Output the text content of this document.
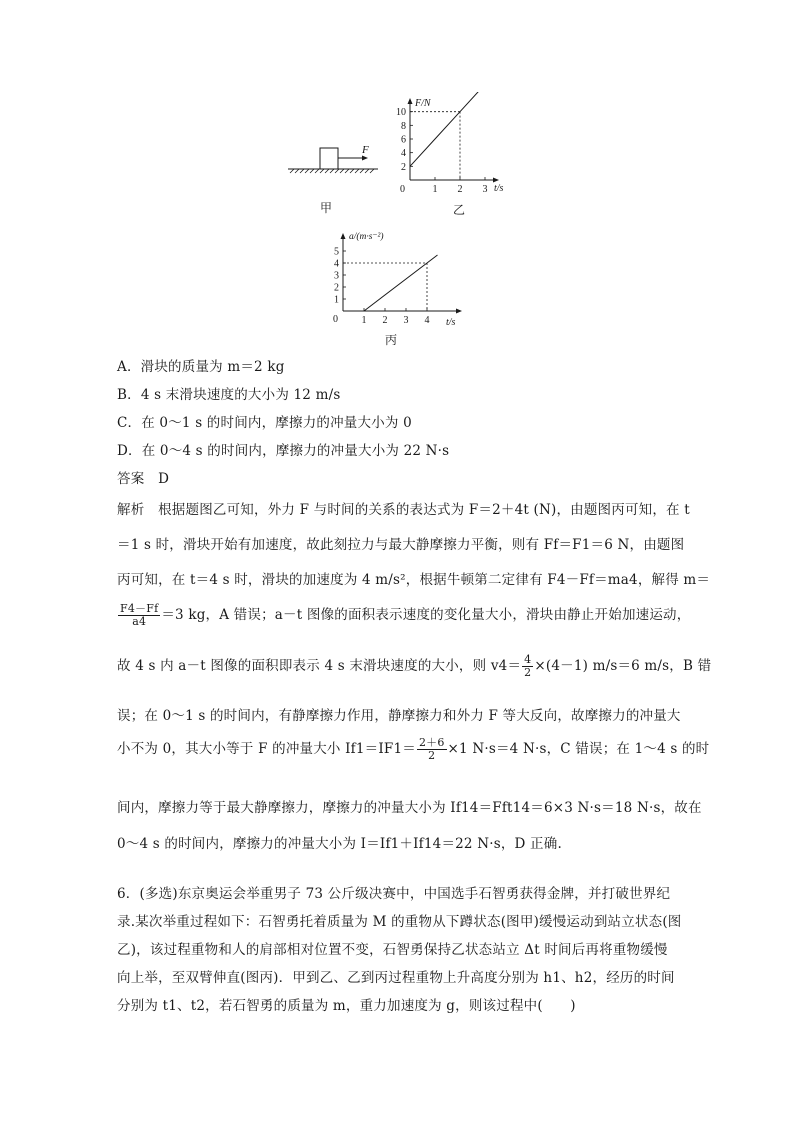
F
甲
F/N
t/s
0
乙
2
4
6
8
10
1 2 3
a/(m·s⁻²)
t/s
0
丙
1
2
3
4
5
1 2 3 4
A．滑块的质量为 m＝2 kg
B．4 s 末滑块速度的大小为 12 m/s
C．在 0～1 s 的时间内，摩擦力的冲量大小为 0
D．在 0～4 s 的时间内，摩擦力的冲量大小为 22 N·s
答案　D
解析　根据题图乙可知，外力 F 与时间的关系的表达式为 F＝2＋4t (N)，由题图丙可知，在 t
＝1 s 时，滑块开始有加速度，故此刻拉力与最大静摩擦力平衡，则有 Ff＝F1＝6 N，由题图
丙可知，在 t＝4 s 时，滑块的加速度为 4 m/s²，根据牛顿第二定律有 F4－Ff＝ma4，解得 m＝
$\frac{F4-Ff}{a4} =3$ kg，A 错误；a－t 图像的面积表示速度的变化量大小，滑块由静止开始加速运动，
故 4 s 内 a－t 图像的面积即表示 4 s 末滑块速度的大小，则 $v4= \frac{4}{2} \times(4-1)$ m/s＝6 m/s，B 错
误；在 0～1 s 的时间内，有静摩擦力作用，静摩擦力和外力 F 等大反向，故摩擦力的冲量大
小不为 0，其大小等于 F 的冲量大小 $If1=IF1= \frac{2+6}{2} \times 1$ N·s＝4 N·s，C 错误；在 1～4 s 的时
间内，摩擦力等于最大静摩擦力，摩擦力的冲量大小为 If14＝Fft14＝6×3 N·s＝18 N·s，故在
0～4 s 的时间内，摩擦力的冲量大小为 I＝If1＋If14＝22 N·s，D 正确.
6．(多选)东京奥运会举重男子 73 公斤级决赛中，中国选手石智勇获得金牌，并打破世界纪
录.某次举重过程如下：石智勇托着质量为 M 的重物从下蹲状态(图甲)缓慢运动到站立状态(图
乙)，该过程重物和人的肩部相对位置不变，石智勇保持乙状态站立 Δt 时间后再将重物缓慢
向上举，至双臂伸直(图丙)．甲到乙、乙到丙过程重物上升高度分别为 h1、h2，经历的时间
分别为 t1、t2，若石智勇的质量为 m，重力加速度为 g，则该过程中(　　)
